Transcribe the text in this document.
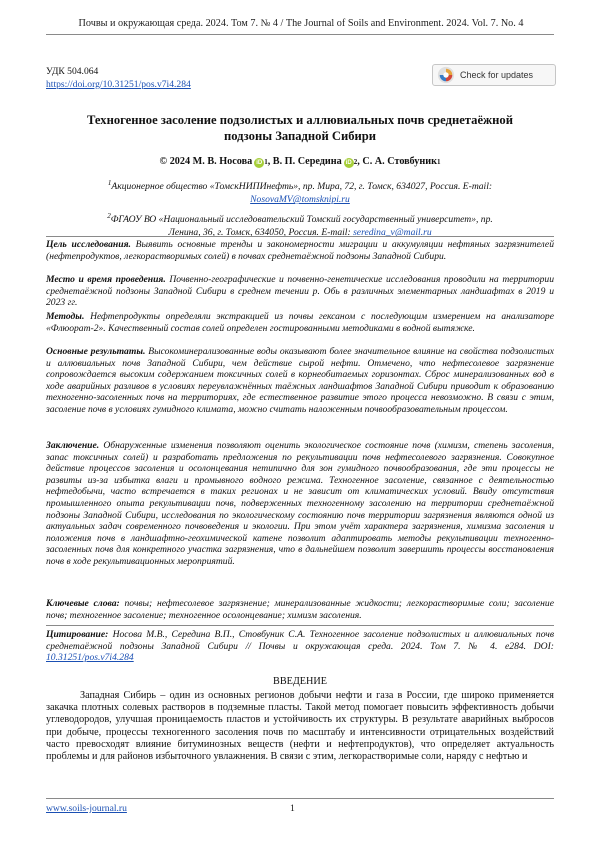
Почвы и окружающая среда. 2024. Том 7. № 4 / The Journal of Soils and Environment. 2024. Vol. 7. No. 4
УДК 504.064
https://doi.org/10.31251/pos.v7i4.284
Check for updates
Техногенное засоление подзолистых и аллювиальных почв среднетаёжной подзоны Западной Сибири
© 2024 М. В. Носова iD 1, В. П. Середина iD 2, С. А. Стовбуник1
$^1$Акционерное общество «ТомскНИПИнефть», пр. Мира, 72, г. Томск, 634027, Россия. E-mail: NosovaMV@tomsknipi.ru
$^2$ФГАОУ ВО «Национальный исследовательский Томский государственный университет», пр. Ленина, 36, г. Томск, 634050, Россия. E-mail: seredina_v@mail.ru
Цель исследования. Выявить основные тренды и закономерности миграции и аккумуляции нефтяных загрязнителей (нефтепродуктов, легкорастворимых солей) в почвах среднетаёжной подзоны Западной Сибири.
Место и время проведения. Почвенно-географические и почвенно-генетические исследования проводили на территории среднетаёжной подзоны Западной Сибири в среднем течении р. Обь в различных элементарных ландшафтах в 2019 и 2023 гг.
Методы. Нефтепродукты определяли экстракцией из почвы гексаном с последующим измерением на анализаторе «Флюорат-2». Качественный состав солей определен гостированными методиками в водной вытяжке.
Основные результаты. Высокоминерализованные воды оказывают более значительное влияние на свойства подзолистых и аллювиальных почв Западной Сибири, чем действие сырой нефти. Отмечено, что нефтесолевое загрязнение сопровождается высоким содержанием токсичных солей в корнеобитаемых горизонтах. Сброс минерализованных вод в ходе аварийных разливов в условиях переувлажнённых таёжных ландшафтов Западной Сибири приводит к образованию техногенно-засоленных почв на территориях, где естественное развитие этого процесса невозможно. В связи с этим, засоление почв в условиях гумидного климата, можно считать наложенным почвообразовательным процессом.
Заключение. Обнаруженные изменения позволяют оценить экологическое состояние почв (химизм, степень засоления, запас токсичных солей) и разработать предложения по рекультивации почв нефтесолевого загрязнения. Совокупное действие процессов засоления и осолонцевания нетипично для зон гумидного почвообразования, где эти процессы не развиты из-за избытка влаги и промывного водного режима. Техногенное засоление, связанное с деятельностью нефтедобычи, часто встречается в таких регионах и не зависит от климатических условий. Ввиду отсутствия промышленного опыта рекультивации почв, подверженных техногенному засолению на территории среднетаёжной подзоны Западной Сибири, исследования по экологическому состоянию почв территории загрязнения являются одной из актуальных задач современного почвоведения и экологии. При этом учёт характера загрязнения, химизма засоления и положения почв в ландшафтно-геохимической катене позволит адаптировать методы рекультивации техногенно-засоленных почв для конкретного участка загрязнения, что в дальнейшем позволит завершить процессы восстановления почв в ходе рекультивационных мероприятий.
Ключевые слова: почвы; нефтесолевое загрязнение; минерализованные жидкости; легкорастворимые соли; засоление почв; техногенное засоление; техногенное осолонцевание; химизм засоления.
Цитирование: Носова М.В., Середина В.П., Стовбуник С.А. Техногенное засоление подзолистых и аллювиальных почв среднетаёжной подзоны Западной Сибири // Почвы и окружающая среда. 2024. Том 7. № 4. e284. DOI: 10.31251/pos.v7i4.284
ВВЕДЕНИЕ

Западная Сибирь – один из основных регионов добычи нефти и газа в России, где широко применяется закачка плотных солевых растворов в подземные пласты. Такой метод помогает повысить эффективность добычи углеводородов, улучшая проницаемость пластов и устойчивость их структуры. В результате аварийных выбросов при добыче, процессы техногенного засоления почв по масштабу и интенсивности отрицательных воздействий часто превосходят влияние битуминозных веществ (нефти и нефтепродуктов), что определяет актуальность проблемы и для районов избыточного увлажнения. В связи с этим, легкорастворимые соли, наряду с нефтью и

www.soils-journal.ru	1
